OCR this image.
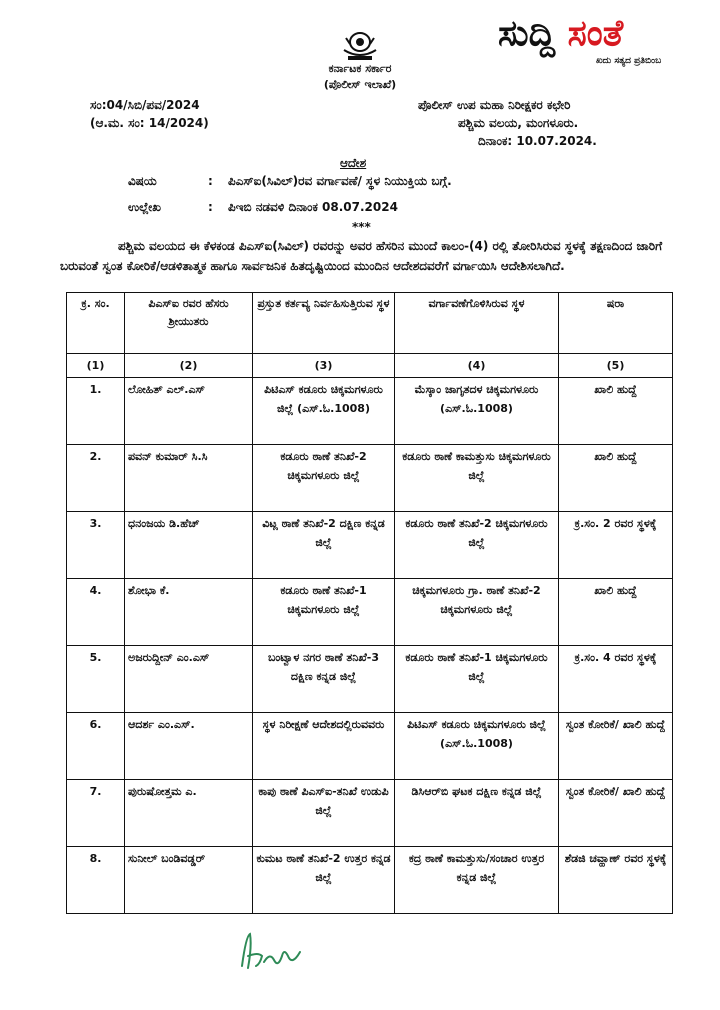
ಸುದ್ದಿ ಸಂತೆ
ಖದು ಸತ್ಯದ ಪ್ರತಿಬಿಂಬ
ಕರ್ನಾಟಕ ಸರ್ಕಾರ
(ಪೊಲೀಸ್ ಇಲಾಖೆ)
ಸಂ:04/ಸಿಬಿ/ಪವ/2024
(ಆ.ಮ. ಸಂ: 14/2024)
ಪೊಲೀಸ್ ಉಪ ಮಹಾ ನಿರೀಕ್ಷಕರ ಕಛೇರಿ
ಪಶ್ಚಿಮ ವಲಯ, ಮಂಗಳೂರು.
ದಿನಾಂಕ: 10.07.2024.
ಆದೇಶ
ವಿಷಯ	: ಪಿಎಸ್ಐ(ಸಿವಿಲ್)ರವ ವರ್ಗಾವಣೆ/ ಸ್ಥಳ ನಿಯುಕ್ತಿಯ ಬಗ್ಗೆ.
ಉಲ್ಲೇಖ	: ಪಿಇಬಿ ನಡವಳಿ ದಿನಾಂಕ 08.07.2024
***
ಪಶ್ಚಿಮ ವಲಯದ ಈ ಕೆಳಕಂಡ ಪಿಎಸ್ಐ(ಸಿವಿಲ್) ರವರನ್ನು ಅವರ ಹೆಸರಿನ ಮುಂದೆ ಕಾಲಂ-(4) ರಲ್ಲಿ ತೋರಿಸಿರುವ ಸ್ಥಳಕ್ಕೆ ತಕ್ಷಣದಿಂದ ಜಾರಿಗೆ ಬರುವಂತೆ ಸ್ವಂತ ಕೋರಿಕೆ/ಆಡಳಿತಾತ್ಮಕ ಹಾಗೂ ಸಾರ್ವಜನಿಕ ಹಿತದೃಷ್ಟಿಯಿಂದ ಮುಂದಿನ ಆದೇಶದವರೆಗೆ ವರ್ಗಾಯಿಸಿ ಆದೇಶಿಸಲಾಗಿದೆ.
ಕ್ರ. ಸಂ.	ಪಿಎಸ್ಐ ರವರ ಹೆಸರು ಶ್ರೀಯುತರು	ಪ್ರಸ್ತುತ ಕರ್ತವ್ಯ ನಿರ್ವಹಿಸುತ್ತಿರುವ ಸ್ಥಳ	ವರ್ಗಾವಣೆಗೊಳಿಸಿರುವ ಸ್ಥಳ	ಷರಾ
(1)	(2)	(3)	(4)	(5)
1.	ಲೋಹಿತ್ ಎಲ್.ಎಸ್	ಪಿಟಿಎಸ್ ಕಡೂರು ಚಿಕ್ಕಮಗಳೂರು ಜಿಲ್ಲೆ (ಎಸ್.ಓ.1008)	ಮೆಸ್ಕಾಂ ಜಾಗೃತದಳ ಚಿಕ್ಕಮಗಳೂರು (ಎಸ್.ಓ.1008)	ಖಾಲಿ ಹುದ್ದೆ
2.	ಪವನ್ ಕುಮಾರ್ ಸಿ.ಸಿ	ಕಡೂರು ಠಾಣೆ ತನಿಖೆ-2 ಚಿಕ್ಕಮಗಳೂರು ಜಿಲ್ಲೆ	ಕಡೂರು ಠಾಣೆ ಕಾಮತ್ತುಸು ಚಿಕ್ಕಮಗಳೂರು ಜಿಲ್ಲೆ	ಖಾಲಿ ಹುದ್ದೆ
3.	ಧನಂಜಯ ಡಿ.ಹೆಚ್	ವಿಟ್ಲ ಠಾಣೆ ತನಿಖೆ-2 ದಕ್ಷಿಣ ಕನ್ನಡ ಜಿಲ್ಲೆ	ಕಡೂರು ಠಾಣೆ ತನಿಖೆ-2 ಚಿಕ್ಕಮಗಳೂರು ಜಿಲ್ಲೆ	ಕ್ರ.ಸಂ. 2 ರವರ ಸ್ಥಳಕ್ಕೆ
4.	ಶೋಭಾ ಕೆ.	ಕಡೂರು ಠಾಣೆ ತನಿಖೆ-1 ಚಿಕ್ಕಮಗಳೂರು ಜಿಲ್ಲೆ	ಚಿಕ್ಕಮಗಳೂರು ಗ್ರಾ. ಠಾಣೆ ತನಿಖೆ-2 ಚಿಕ್ಕಮಗಳೂರು ಜಿಲ್ಲೆ	ಖಾಲಿ ಹುದ್ದೆ
5.	ಅಜರುದ್ದೀನ್ ಎಂ.ಎಸ್	ಬಂಟ್ವಾಳ ನಗರ ಠಾಣೆ ತನಿಖೆ-3 ದಕ್ಷಿಣ ಕನ್ನಡ ಜಿಲ್ಲೆ	ಕಡೂರು ಠಾಣೆ ತನಿಖೆ-1 ಚಿಕ್ಕಮಗಳೂರು ಜಿಲ್ಲೆ	ಕ್ರ.ಸಂ. 4 ರವರ ಸ್ಥಳಕ್ಕೆ
6.	ಆದರ್ಶ ಎಂ.ಎಸ್.	ಸ್ಥಳ ನಿರೀಕ್ಷಣೆ ಆದೇಶದಲ್ಲಿರುವವರು	ಪಿಟಿಎಸ್ ಕಡೂರು ಚಿಕ್ಕಮಗಳೂರು ಜಿಲ್ಲೆ (ಎಸ್.ಓ.1008)	ಸ್ವಂತ ಕೋರಿಕೆ/ ಖಾಲಿ ಹುದ್ದೆ
7.	ಪುರುಷೋತ್ತಮ ಎ.	ಕಾಪು ಠಾಣೆ ಪಿಎಸ್ಐ-ತನಿಖೆ ಉಡುಪಿ ಜಿಲ್ಲೆ	ಡಿಸಿಆರ್‌ಬಿ ಘಟಕ ದಕ್ಷಿಣ ಕನ್ನಡ ಜಿಲ್ಲೆ	ಸ್ವಂತ ಕೋರಿಕೆ/ ಖಾಲಿ ಹುದ್ದೆ
8.	ಸುನೀಲ್ ಬಂಡಿವಡ್ಡರ್	ಕುಮಟ ಠಾಣೆ ತನಿಖೆ-2 ಉತ್ತರ ಕನ್ನಡ ಜಿಲ್ಲೆ	ಕದ್ರ ಠಾಣೆ ಕಾಮತ್ತುಸು/ಸಂಚಾರ ಉತ್ತರ ಕನ್ನಡ ಜಿಲ್ಲೆ	ಶೆಡಜಿ ಚವ್ಹಾಣ್ ರವರ ಸ್ಥಳಕ್ಕೆ
